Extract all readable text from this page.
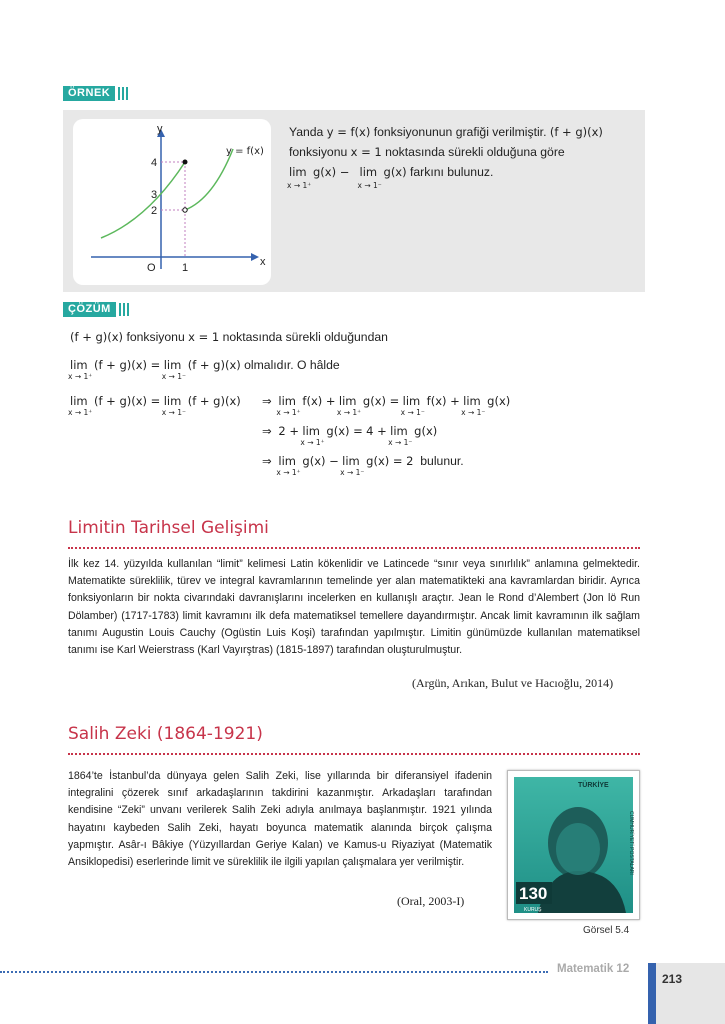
ÖRNEK
y
x
O 1
4
3
2
y = f(x)
Yanda y = f(x) fonksiyonunun grafiği verilmiştir. (f + g)(x)
fonksiyonu x = 1 noktasında sürekli olduğuna göre
lim
x → 1⁺
g(x) − lim
x → 1⁻
g(x) farkını bulunuz.
ÇÖZÜM
(f + g)(x) fonksiyonu x = 1 noktasında sürekli olduğundan
lim
x → 1⁺
(f + g)(x) = lim
x → 1⁻
(f + g)(x) olmalıdır. O hâlde
lim
x → 1⁺
(f + g)(x) = lim
x → 1⁻
(f + g)(x) ⇒ lim
x → 1⁺
f(x) + lim
x → 1⁺
g(x) = lim
x → 1⁻
f(x) + lim
x → 1⁻
g(x)
⇒ 2 + lim
x → 1⁺
g(x) = 4 + lim
x → 1⁻
g(x)
⇒ lim
x → 1⁺
g(x) − lim
x → 1⁻
g(x) = 2 bulunur.
Limitin Tarihsel Gelişimi
İlk kez 14. yüzyılda kullanılan “limit” kelimesi Latin kökenlidir ve Latincede “sınır veya sınırlılık” anlamına gelmektedir. Matematikte süreklilik, türev ve integral kavramlarının temelinde yer alan matematikteki ana kavramlardan biridir. Ayrıca fonksiyonların bir nokta civarındaki davranışlarını incelerken en kullanışlı araçtır. Jean le Rond d’Alembert (Jon lö Run Dölamber) (1717-1783) limit kavramını ilk defa matematiksel temellere dayandırmıştır. Ancak limit kavramının ilk sağlam tanımı Augustin Louis Cauchy (Ogüstin Luis Koşi) tarafından yapılmıştır. Limitin günümüzde kullanılan matematiksel tanımı ise Karl Weierstrass (Karl Vayırştras) (1815-1897) tarafından oluşturulmuştur.
(Argün, Arıkan, Bulut ve Hacıoğlu, 2014)
Salih Zeki (1864-1921)
1864’te İstanbul’da dünyaya gelen Salih Zeki, lise yıllarında bir diferansiyel ifadenin integralini çözerek sınıf arkadaşlarının takdirini kazanmıştır. Arkadaşları tarafından kendisine “Zeki” unvanı verilerek Salih Zeki adıyla anılmaya başlanmıştır. 1921 yılında hayatını kaybeden Salih Zeki, hayatı boyunca matematik alanında birçok çalışma yapmıştır. Asâr-ı Bâkiye (Yüzyıllardan Geriye Kalan) ve Kamus-u Riyaziyat (Matematik Ansiklopedisi) eserlerinde limit ve süreklilik ile ilgili yapılan çalışmalara yer verilmiştir.
(Oral, 2003-I)	130
KURUŞ
TÜRKİYE
CUMHURİYETİ POSTALARI
Görsel 5.4
Matematik 12
213
